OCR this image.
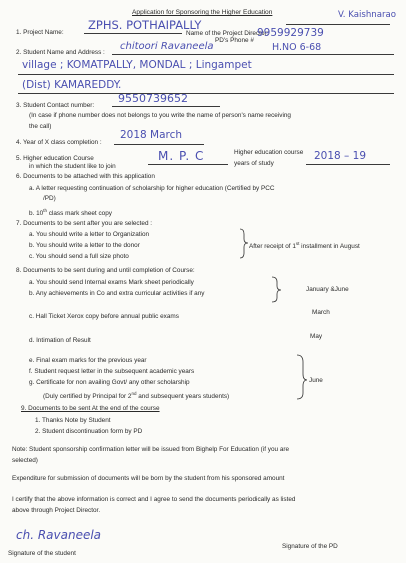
Application for Sponsoring the Higher Education
1. Project Name:
ZPHS. POTHAIPALLY
Name of the Project Director:
V. Kaishnarao
PD's Phone #
9959929739
2. Student Name and Address :
chitoori Ravaneela	H.NO 6-68
village ; KOMATPALLY, MONDAL ; Lingampet
(Dist) KAMAREDDY.
3. Student Contact number:
9550739652
(In case if phone number does not belongs to you write the name of person's name receiving
the call)
4. Year of X class completion :
2018 March
5. Higher education Course
in which the student like to join
M. P. C	Higher education course
years of study
2018 – 19
6. Documents to be attached with this application
a. A letter requesting continuation of scholarship for higher education (Certified by PCC
/PD)
b. 10th class mark sheet copy
7. Documents to be sent after you are selected :
a. You should write a letter to Organization
b. You should write a letter to the donor
c. You should send a full size photo
After receipt of 1st installment in August
8. Documents to be sent during and until completion of Course:
a. You should send Internal exams Mark sheet periodically
b. Any achievements in Co and extra curricular activities if any
January &June
c. Hall Ticket Xerox copy before annual public exams
March
d. Intimation of Result
May
e. Final exam marks for the previous year
f. Student request letter in the subsequent academic years
g. Certificate for non availing Govt/ any other scholarship
(Duly certified by Principal for 2nd and subsequent years students)
June
9. Documents to be sent At the end of the course
1. Thanks Note by Student
2. Student discontinuation form by PD
Note: Student sponsorship confirmation letter will be issued from Bighelp For Education (if you are
selected)
Expenditure for submission of documents will be born by the student from his sponsored amount
I certify that the above information is correct and I agree to send the documents periodically as listed
above through Project Director.
ch. Ravaneela
Signature of the student
Signature of the PD
